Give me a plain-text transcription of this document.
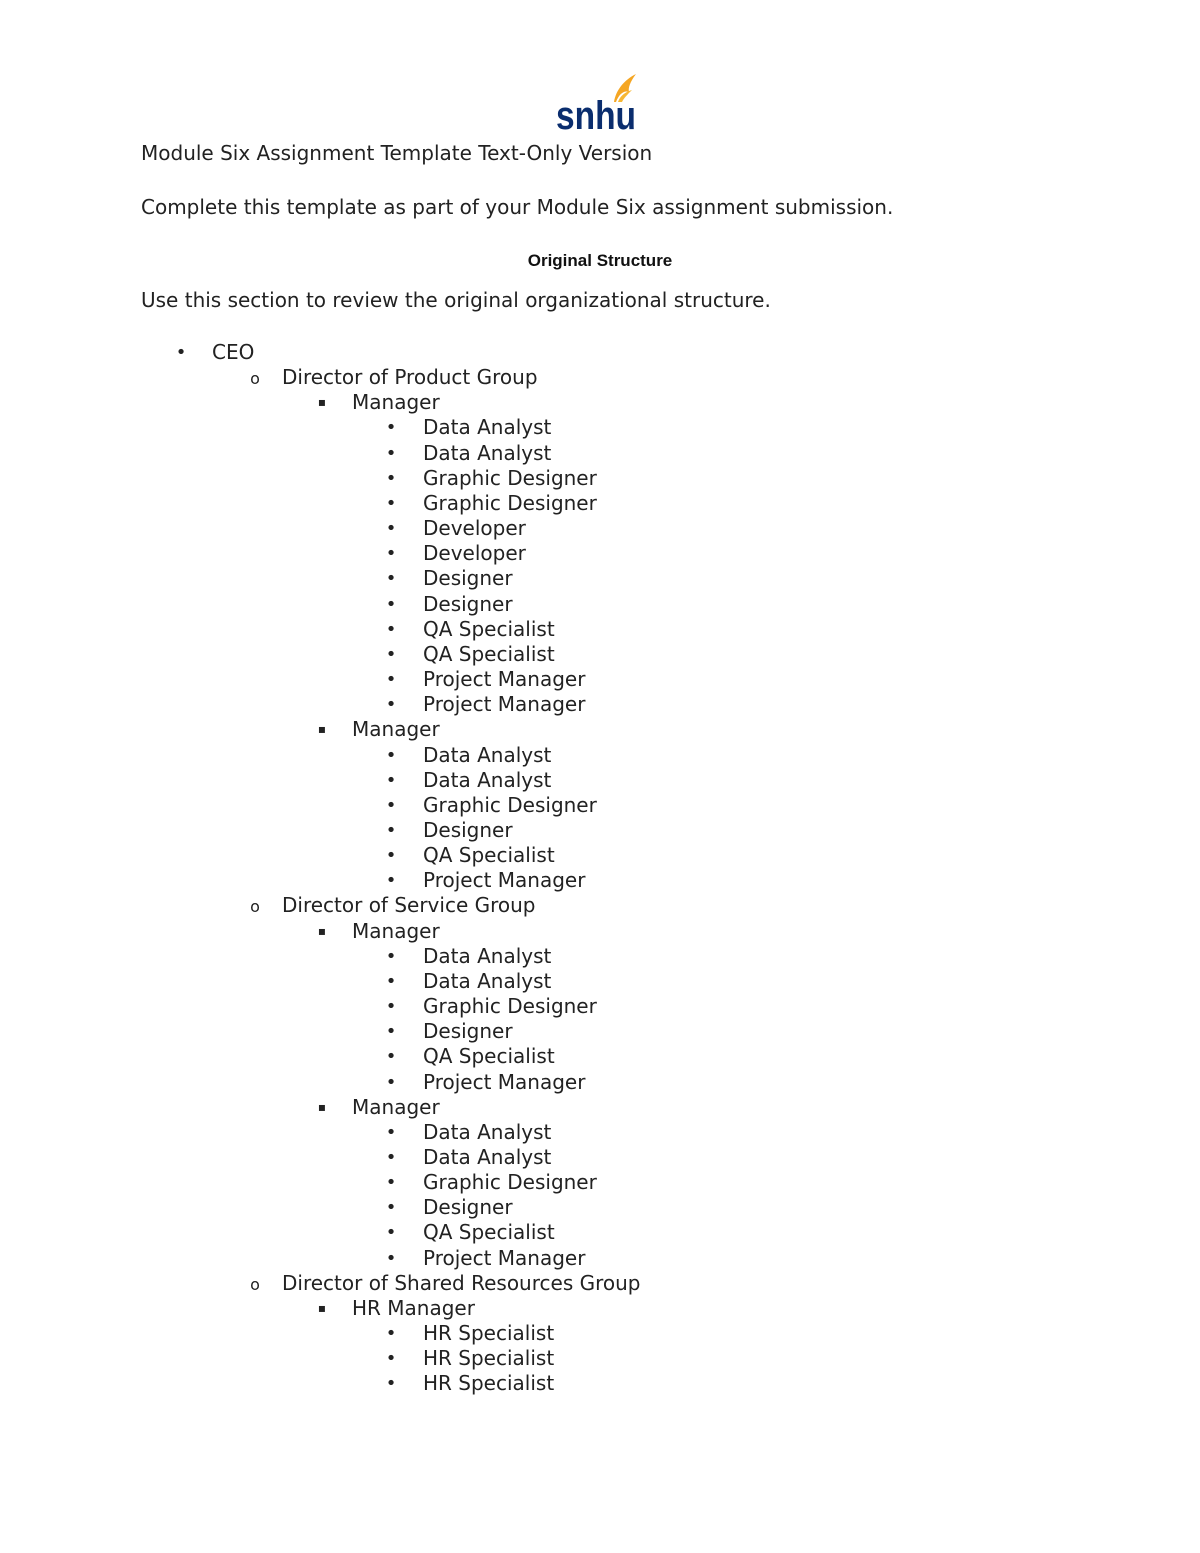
snhu
Module Six Assignment Template Text-Only Version
Complete this template as part of your Module Six assignment submission.
Original Structure
Use this section to review the original organizational structure.
• CEO
o Director of Product Group
▪ Manager
• Data Analyst
• Data Analyst
• Graphic Designer
• Graphic Designer
• Developer
• Developer
• Designer
• Designer
• QA Specialist
• QA Specialist
• Project Manager
• Project Manager
▪ Manager
• Data Analyst
• Data Analyst
• Graphic Designer
• Designer
• QA Specialist
• Project Manager
o Director of Service Group
▪ Manager
• Data Analyst
• Data Analyst
• Graphic Designer
• Designer
• QA Specialist
• Project Manager
▪ Manager
• Data Analyst
• Data Analyst
• Graphic Designer
• Designer
• QA Specialist
• Project Manager
o Director of Shared Resources Group
▪ HR Manager
• HR Specialist
• HR Specialist
• HR Specialist
